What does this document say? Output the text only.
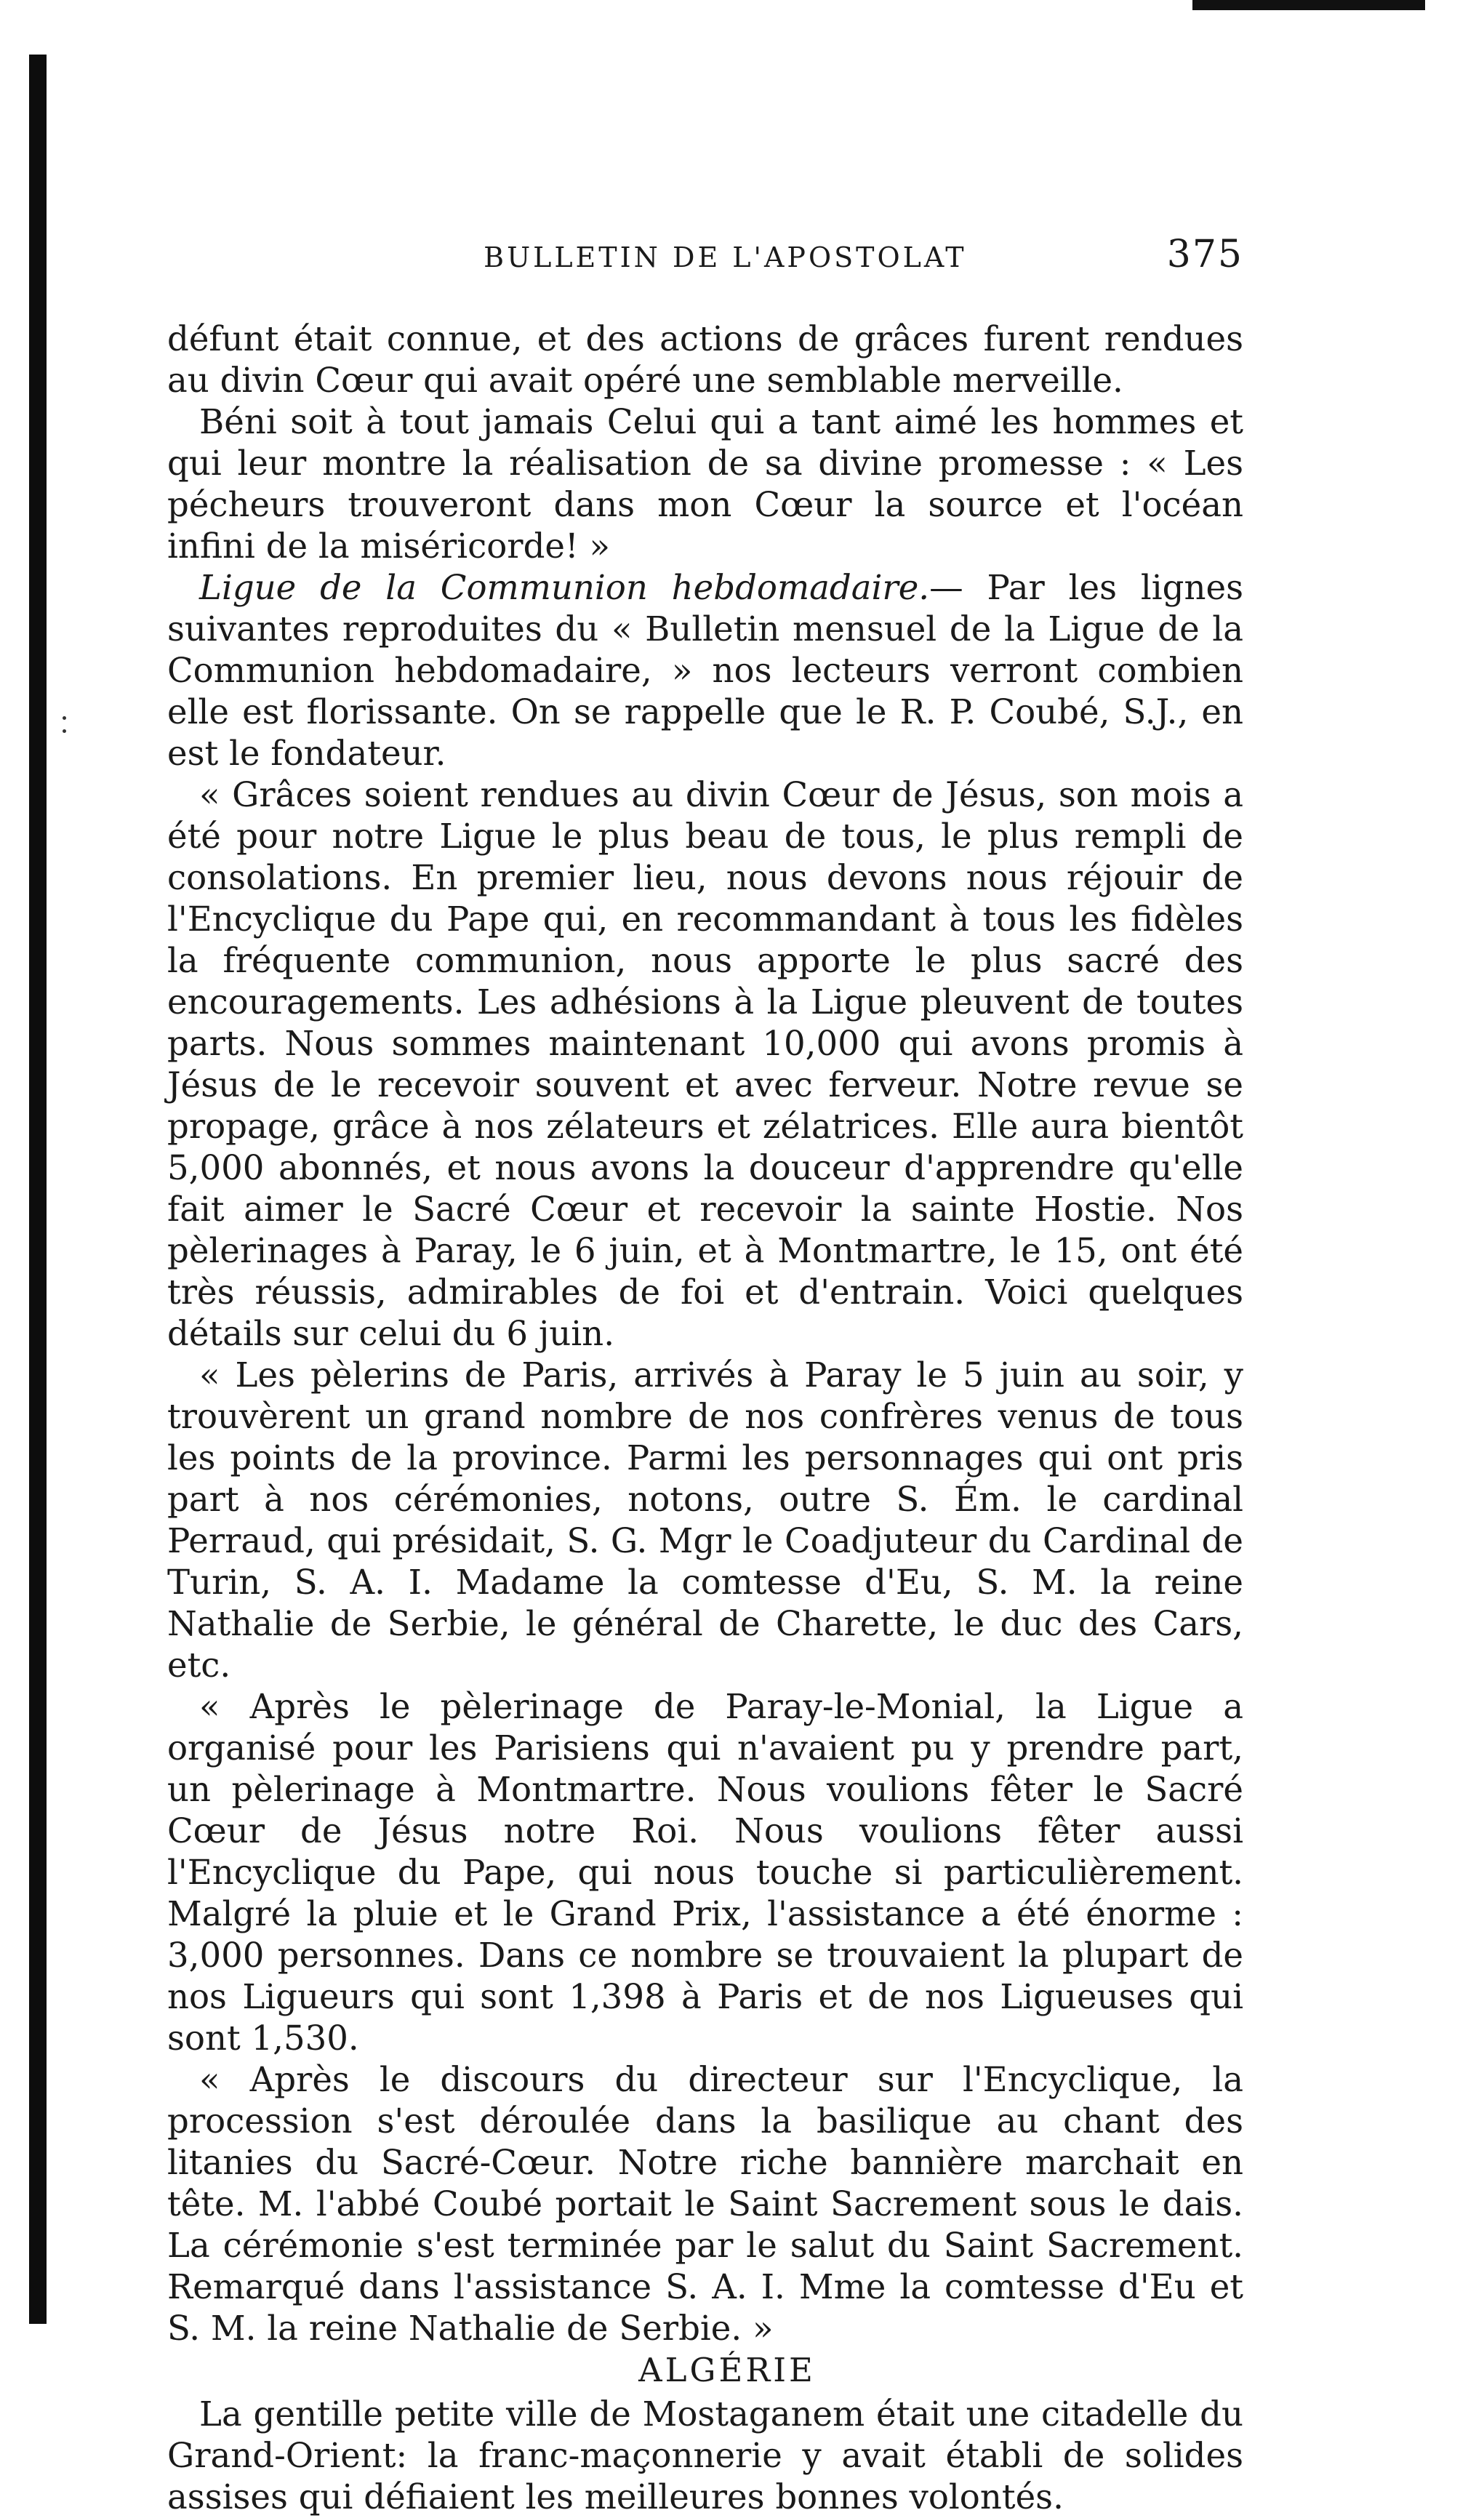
BULLETIN DE L'APOSTOLAT	375

défunt était connue, et des actions de grâces furent rendues au divin Cœur qui avait opéré une semblable merveille.

Béni soit à tout jamais Celui qui a tant aimé les hommes et qui leur montre la réalisation de sa divine promesse : « Les pécheurs trouveront dans mon Cœur la source et l'océan infini de la miséricorde! »

Ligue de la Communion hebdomadaire.— Par les lignes suivantes reproduites du « Bulletin mensuel de la Ligue de la Communion hebdomadaire, » nos lecteurs verront combien elle est florissante. On se rappelle que le R. P. Coubé, S.J., en est le fondateur.

« Grâces soient rendues au divin Cœur de Jésus, son mois a été pour notre Ligue le plus beau de tous, le plus rempli de consolations. En premier lieu, nous devons nous réjouir de l'Encyclique du Pape qui, en recommandant à tous les fidèles la fréquente communion, nous apporte le plus sacré des encouragements. Les adhésions à la Ligue pleuvent de toutes parts. Nous sommes maintenant 10,000 qui avons promis à Jésus de le recevoir souvent et avec ferveur. Notre revue se propage, grâce à nos zélateurs et zélatrices. Elle aura bientôt 5,000 abonnés, et nous avons la douceur d'apprendre qu'elle fait aimer le Sacré Cœur et recevoir la sainte Hostie. Nos pèlerinages à Paray, le 6 juin, et à Montmartre, le 15, ont été très réussis, admirables de foi et d'entrain. Voici quelques détails sur celui du 6 juin.

« Les pèlerins de Paris, arrivés à Paray le 5 juin au soir, y trouvèrent un grand nombre de nos confrères venus de tous les points de la province. Parmi les personnages qui ont pris part à nos cérémonies, notons, outre S. Ém. le cardinal Perraud, qui présidait, S. G. Mgr le Coadjuteur du Cardinal de Turin, S. A. I. Madame la comtesse d'Eu, S. M. la reine Nathalie de Serbie, le général de Charette, le duc des Cars, etc.

« Après le pèlerinage de Paray-le-Monial, la Ligue a organisé pour les Parisiens qui n'avaient pu y prendre part, un pèlerinage à Montmartre. Nous voulions fêter le Sacré Cœur de Jésus notre Roi. Nous voulions fêter aussi l'Encyclique du Pape, qui nous touche si particulièrement. Malgré la pluie et le Grand Prix, l'assistance a été énorme : 3,000 personnes. Dans ce nombre se trouvaient la plupart de nos Ligueurs qui sont 1,398 à Paris et de nos Ligueuses qui sont 1,530.

« Après le discours du directeur sur l'Encyclique, la procession s'est déroulée dans la basilique au chant des litanies du Sacré-Cœur. Notre riche bannière marchait en tête. M. l'abbé Coubé portait le Saint Sacrement sous le dais. La cérémonie s'est terminée par le salut du Saint Sacrement. Remarqué dans l'assistance S. A. I. Mme la comtesse d'Eu et S. M. la reine Nathalie de Serbie. »

ALGÉRIE

La gentille petite ville de Mostaganem était une citadelle du Grand-Orient: la franc-maçonnerie y avait établi de solides assises qui défiaient les meilleures bonnes volontés.
